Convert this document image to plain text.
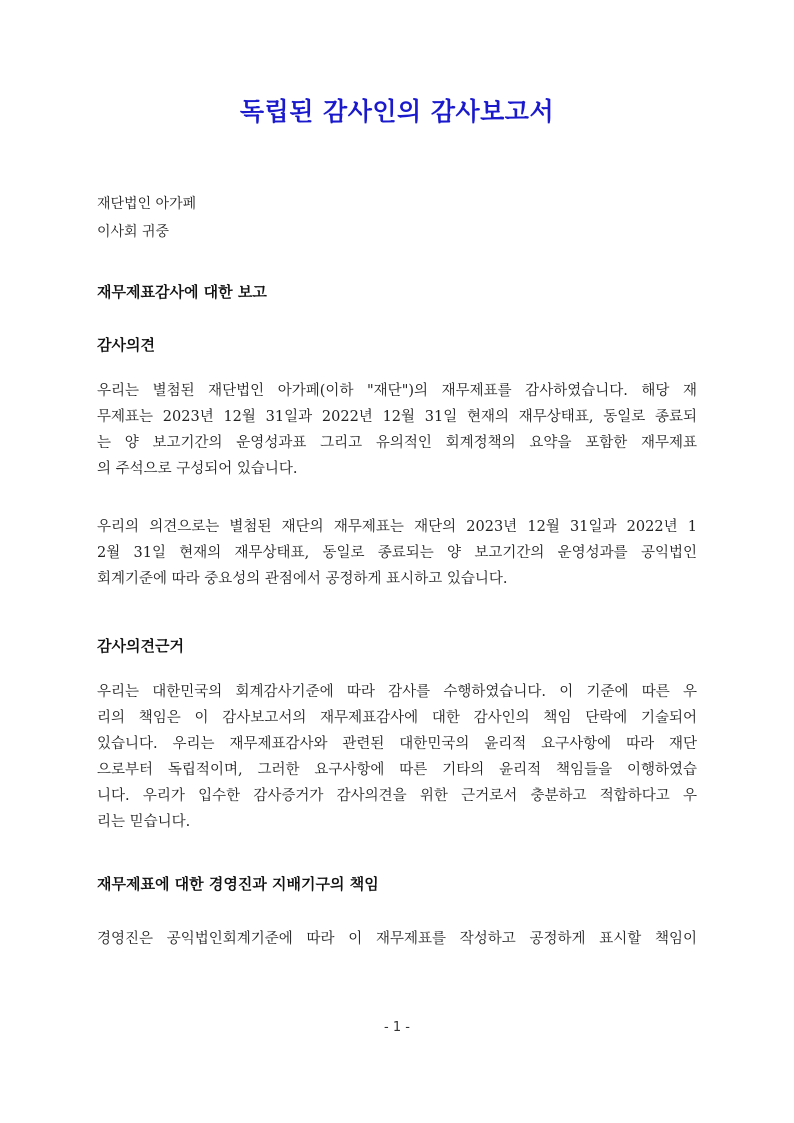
독립된 감사인의 감사보고서
재단법인 아가페
이사회 귀중
재무제표감사에 대한 보고
감사의견
우리는 별첨된 재단법인 아가페(이하 "재단")의 재무제표를 감사하였습니다. 해당 재
무제표는 2023년 12월 31일과 2022년 12월 31일 현재의 재무상태표, 동일로 종료되
는 양 보고기간의 운영성과표 그리고 유의적인 회계정책의 요약을 포함한 재무제표
의 주석으로 구성되어 있습니다.
우리의 의견으로는 별첨된 재단의 재무제표는 재단의 2023년 12월 31일과 2022년 1
2월 31일 현재의 재무상태표, 동일로 종료되는 양 보고기간의 운영성과를 공익법인
회계기준에 따라 중요성의 관점에서 공정하게 표시하고 있습니다.
감사의견근거
우리는 대한민국의 회계감사기준에 따라 감사를 수행하였습니다. 이 기준에 따른 우
리의 책임은 이 감사보고서의 재무제표감사에 대한 감사인의 책임 단락에 기술되어
있습니다. 우리는 재무제표감사와 관련된 대한민국의 윤리적 요구사항에 따라 재단
으로부터 독립적이며, 그러한 요구사항에 따른 기타의 윤리적 책임들을 이행하였습
니다. 우리가 입수한 감사증거가 감사의견을 위한 근거로서 충분하고 적합하다고 우
리는 믿습니다.
재무제표에 대한 경영진과 지배기구의 책임
경영진은 공익법인회계기준에 따라 이 재무제표를 작성하고 공정하게 표시할 책임이
- 1 -
